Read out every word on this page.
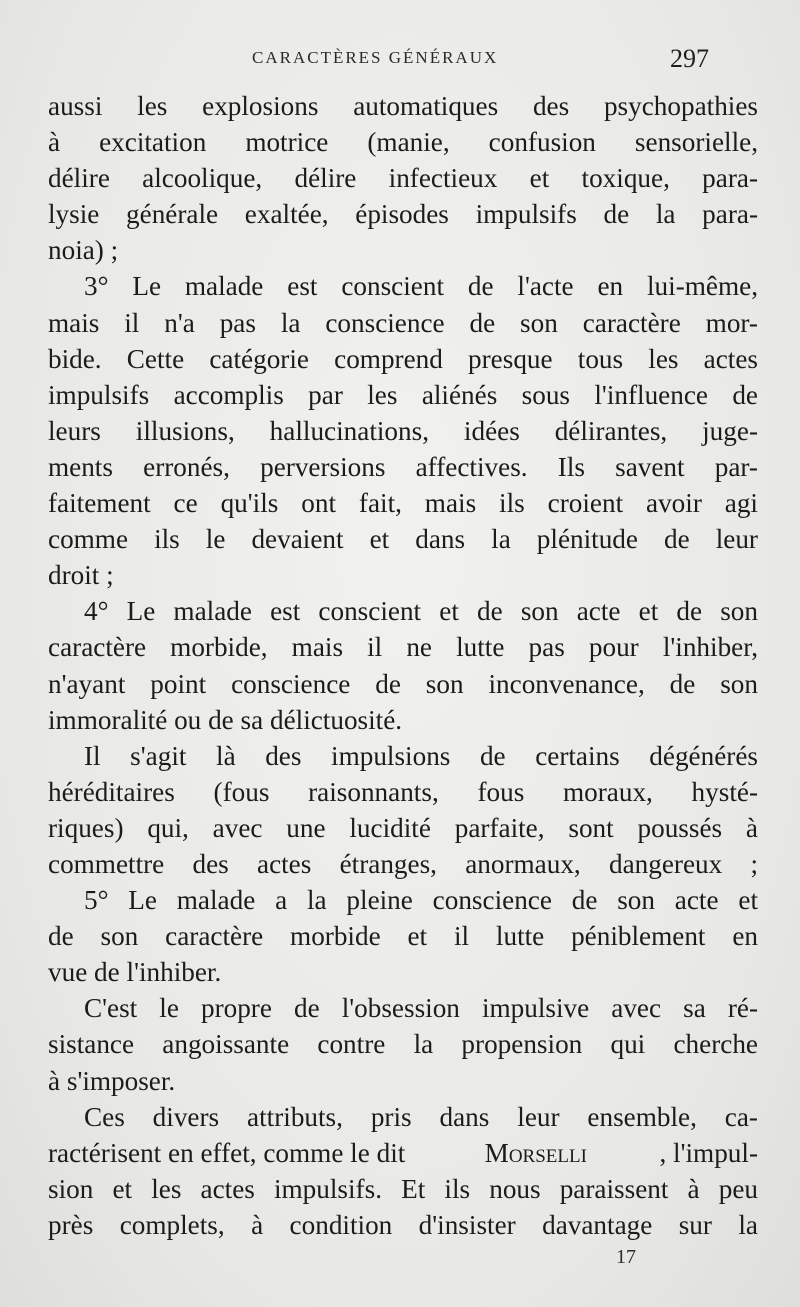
CARACTÈRES GÉNÉRAUX	297
aussi les explosions automatiques des psychopathies
à excitation motrice (manie, confusion sensorielle,
délire alcoolique, délire infectieux et toxique, para-
lysie générale exaltée, épisodes impulsifs de la para-
noia) ;
3° Le malade est conscient de l'acte en lui-même,
mais il n'a pas la conscience de son caractère mor-
bide. Cette catégorie comprend presque tous les actes
impulsifs accomplis par les aliénés sous l'influence de
leurs illusions, hallucinations, idées délirantes, juge-
ments erronés, perversions affectives. Ils savent par-
faitement ce qu'ils ont fait, mais ils croient avoir agi
comme ils le devaient et dans la plénitude de leur
droit ;
4° Le malade est conscient et de son acte et de son
caractère morbide, mais il ne lutte pas pour l'inhiber,
n'ayant point conscience de son inconvenance, de son
immoralité ou de sa délictuosité.
Il s'agit là des impulsions de certains dégénérés
héréditaires (fous raisonnants, fous moraux, hysté-
riques) qui, avec une lucidité parfaite, sont poussés à
commettre des actes étranges, anormaux, dangereux ;
5° Le malade a la pleine conscience de son acte et
de son caractère morbide et il lutte péniblement en
vue de l'inhiber.
C'est le propre de l'obsession impulsive avec sa ré-
sistance angoissante contre la propension qui cherche
à s'imposer.
Ces divers attributs, pris dans leur ensemble, ca-
ractérisent en effet, comme le dit	Morselli	, l'impul-
sion et les actes impulsifs. Et ils nous paraissent à peu
près complets, à condition d'insister davantage sur la
17
